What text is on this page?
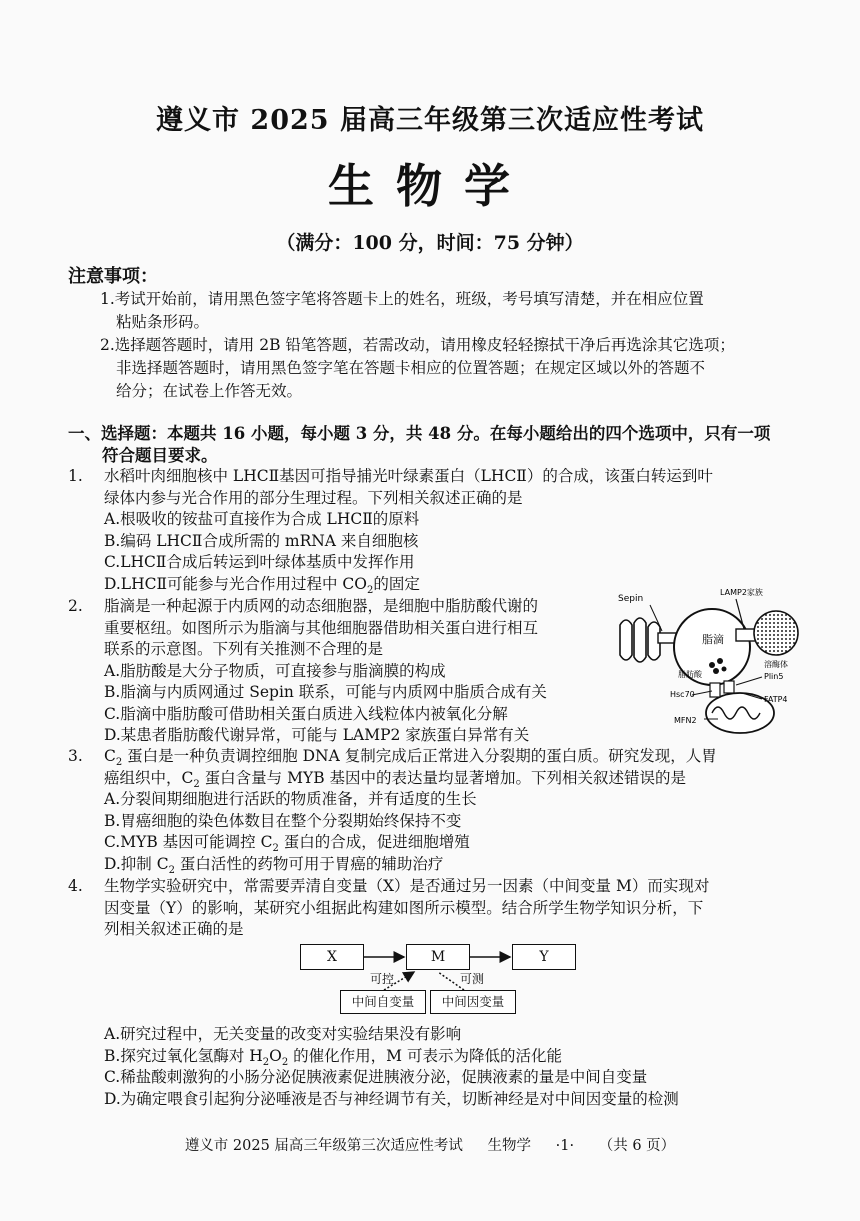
遵义市 2025 届高三年级第三次适应性考试
生物学
（满分：100 分，时间：75 分钟）
注意事项：
1.考试开始前，请用黑色签字笔将答题卡上的姓名，班级，考号填写清楚，并在相应位置
粘贴条形码。
2.选择题答题时，请用 2B 铅笔答题，若需改动，请用橡皮轻轻擦拭干净后再选涂其它选项；
非选择题答题时，请用黑色签字笔在答题卡相应的位置答题；在规定区域以外的答题不
给分；在试卷上作答无效。
一、选择题：本题共 16 小题，每小题 3 分，共 48 分。在每小题给出的四个选项中，只有一项
符合题目要求。
1.	水稻叶肉细胞核中 LHCⅡ基因可指导捕光叶绿素蛋白（LHCⅡ）的合成，该蛋白转运到叶
绿体内参与光合作用的部分生理过程。下列相关叙述正确的是
A.根吸收的铵盐可直接作为合成 LHCⅡ的原料
B.编码 LHCⅡ合成所需的 mRNA 来自细胞核
C.LHCⅡ合成后转运到叶绿体基质中发挥作用
D.LHCⅡ可能参与光合作用过程中 $CO_2$的固定
2.	脂滴是一种起源于内质网的动态细胞器，是细胞中脂肪酸代谢的
重要枢纽。如图所示为脂滴与其他细胞器借助相关蛋白进行相互
联系的示意图。下列有关推测不合理的是
A.脂肪酸是大分子物质，可直接参与脂滴膜的构成
B.脂滴与内质网通过 Sepin 联系，可能与内质网中脂质合成有关
C.脂滴中脂肪酸可借助相关蛋白质进入线粒体内被氧化分解
D.某患者脂肪酸代谢异常，可能与 LAMP2 家族蛋白异常有关
Sepin
LAMP2家族
脂滴
脂肪酸
溶酶体
Plin5
Hsc70
FATP4
MFN2
3.	$C_2$ 蛋白是一种负责调控细胞 DNA 复制完成后正常进入分裂期的蛋白质。研究发现，人胃
癌组织中，$C_2$ 蛋白含量与 MYB 基因中的表达量均显著增加。下列相关叙述错误的是
A.分裂间期细胞进行活跃的物质准备，并有适度的生长
B.胃癌细胞的染色体数目在整个分裂期始终保持不变
C.MYB 基因可能调控 $C_2$ 蛋白的合成，促进细胞增殖
D.抑制 $C_2$ 蛋白活性的药物可用于胃癌的辅助治疗
4.	生物学实验研究中，常需要弄清自变量（X）是否通过另一因素（中间变量 M）而实现对
因变量（Y）的影响，某研究小组据此构建如图所示模型。结合所学生物学知识分析，下
列相关叙述正确的是
X	M	Y
可控	可测
中间自变量	中间因变量
A.研究过程中，无关变量的改变对实验结果没有影响
B.探究过氧化氢酶对 $H_2O_2$ 的催化作用，M 可表示为降低的活化能
C.稀盐酸刺激狗的小肠分泌促胰液素促进胰液分泌，促胰液素的量是中间自变量
D.为确定喂食引起狗分泌唾液是否与神经调节有关，切断神经是对中间因变量的检测
遵义市 2025 届高三年级第三次适应性考试 生物学 ·1· （共 6 页）
